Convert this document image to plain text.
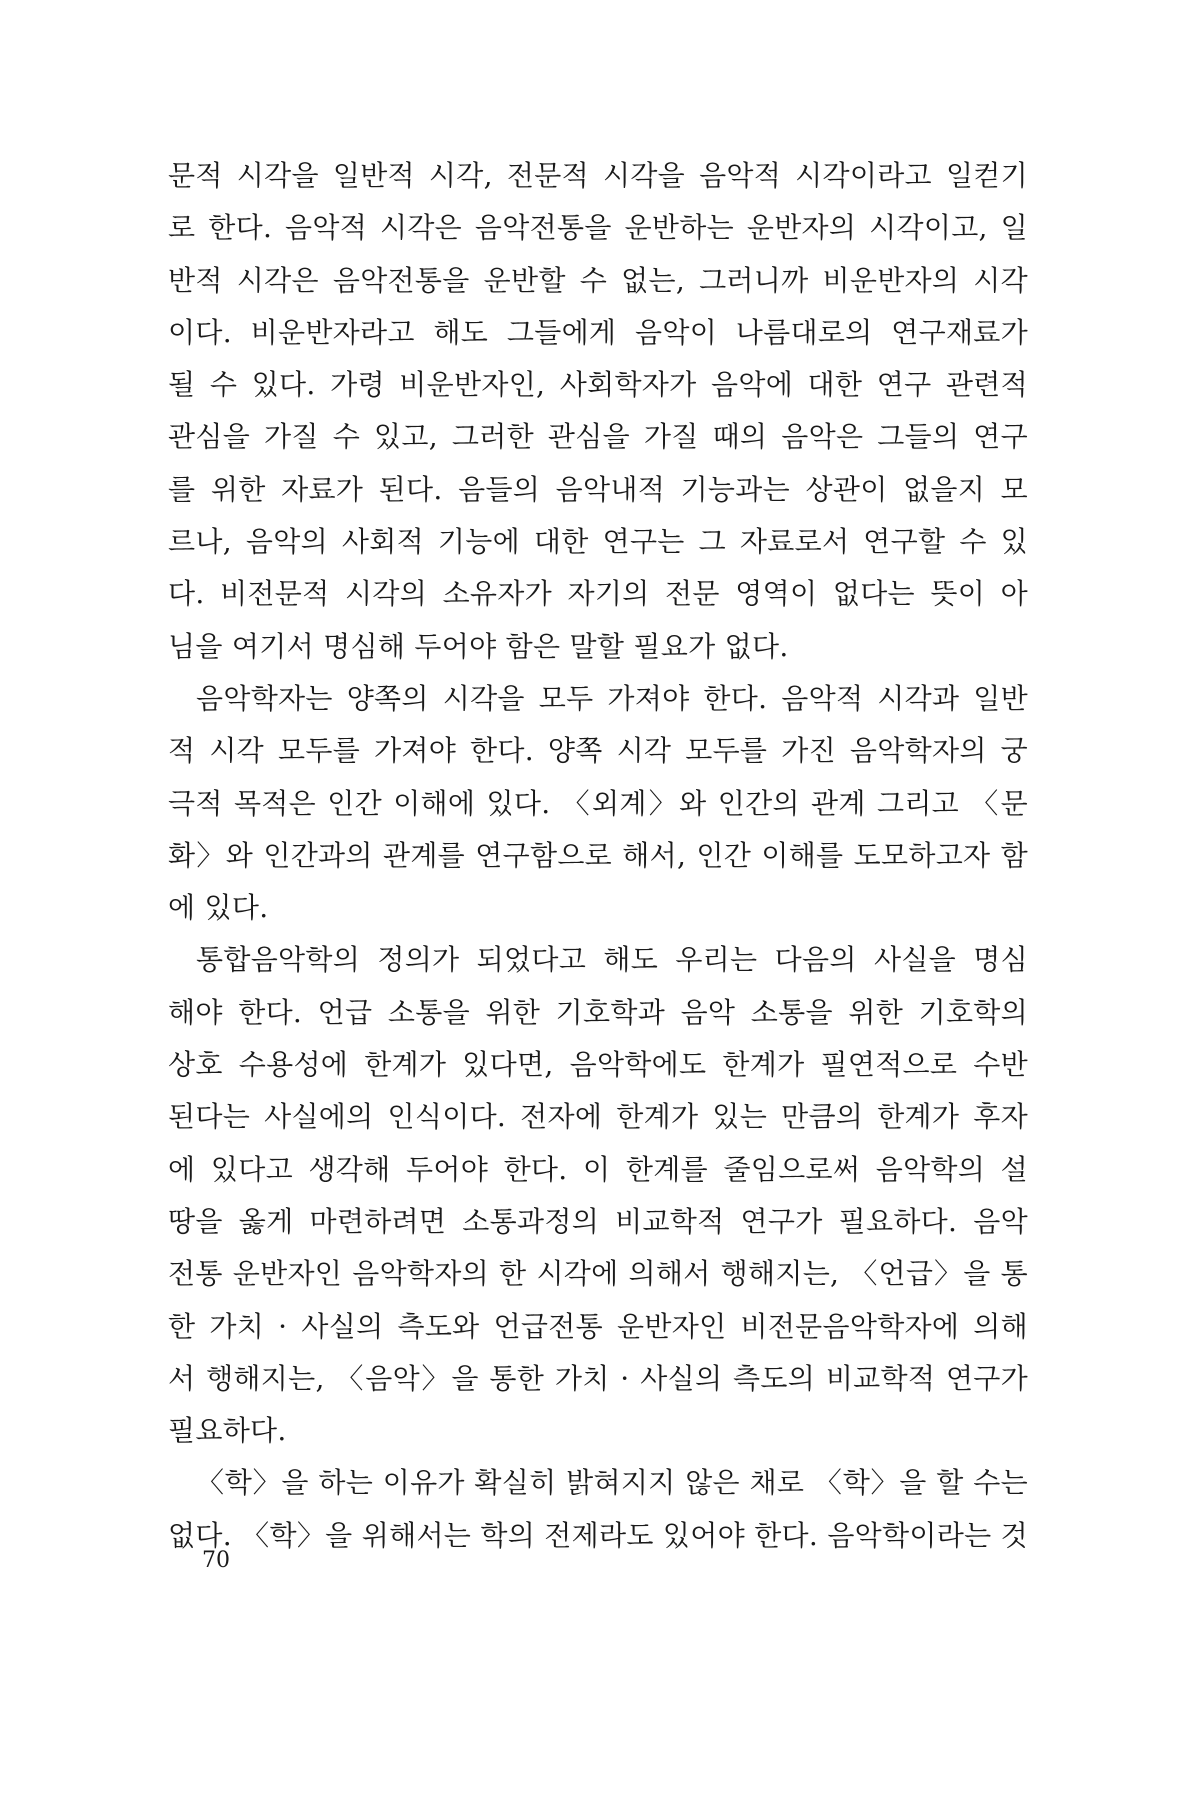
문적 시각을 일반적 시각, 전문적 시각을 음악적 시각이라고 일컫기
로 한다. 음악적 시각은 음악전통을 운반하는 운반자의 시각이고, 일
반적 시각은 음악전통을 운반할 수 없는, 그러니까 비운반자의 시각
이다. 비운반자라고 해도 그들에게 음악이 나름대로의 연구재료가
될 수 있다. 가령 비운반자인, 사회학자가 음악에 대한 연구 관련적
관심을 가질 수 있고, 그러한 관심을 가질 때의 음악은 그들의 연구
를 위한 자료가 된다. 음들의 음악내적 기능과는 상관이 없을지 모
르나, 음악의 사회적 기능에 대한 연구는 그 자료로서 연구할 수 있
다. 비전문적 시각의 소유자가 자기의 전문 영역이 없다는 뜻이 아
님을 여기서 명심해 두어야 함은 말할 필요가 없다.
음악학자는 양쪽의 시각을 모두 가져야 한다. 음악적 시각과 일반
적 시각 모두를 가져야 한다. 양쪽 시각 모두를 가진 음악학자의 궁
극적 목적은 인간 이해에 있다. 〈외계〉와 인간의 관계 그리고 〈문
화〉와 인간과의 관계를 연구함으로 해서, 인간 이해를 도모하고자 함
에 있다.
통합음악학의 정의가 되었다고 해도 우리는 다음의 사실을 명심
해야 한다. 언급 소통을 위한 기호학과 음악 소통을 위한 기호학의
상호 수용성에 한계가 있다면, 음악학에도 한계가 필연적으로 수반
된다는 사실에의 인식이다. 전자에 한계가 있는 만큼의 한계가 후자
에 있다고 생각해 두어야 한다. 이 한계를 줄임으로써 음악학의 설
땅을 옳게 마련하려면 소통과정의 비교학적 연구가 필요하다. 음악
전통 운반자인 음악학자의 한 시각에 의해서 행해지는, 〈언급〉을 통
한 가치 · 사실의 측도와 언급전통 운반자인 비전문음악학자에 의해
서 행해지는, 〈음악〉을 통한 가치 · 사실의 측도의 비교학적 연구가
필요하다.
〈학〉을 하는 이유가 확실히 밝혀지지 않은 채로 〈학〉을 할 수는
없다. 〈학〉을 위해서는 학의 전제라도 있어야 한다. 음악학이라는 것
70
